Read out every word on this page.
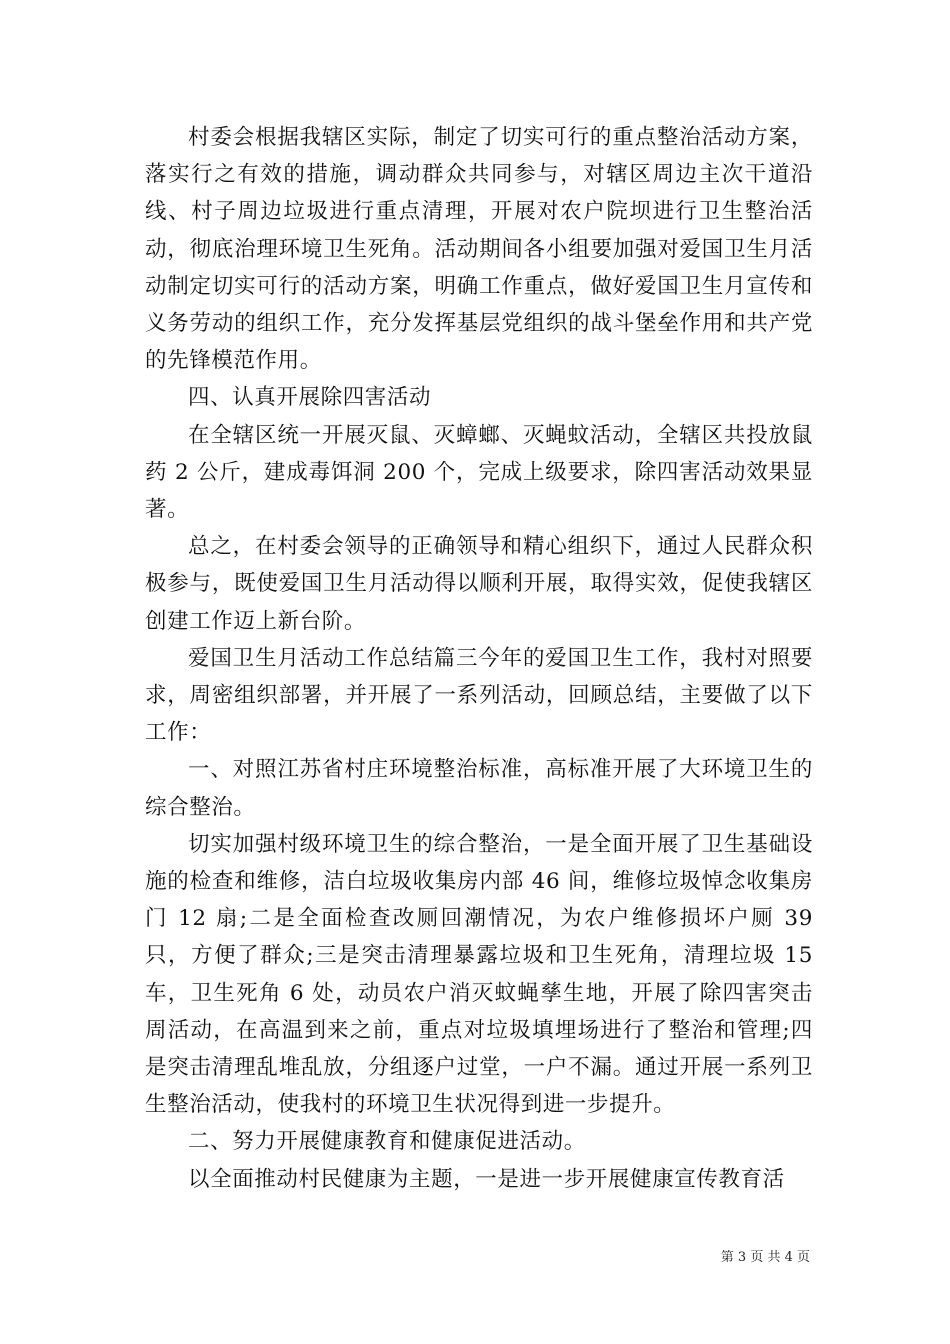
村委会根据我辖区实际，制定了切实可行的重点整治活动方案，落实行之有效的措施，调动群众共同参与，对辖区周边主次干道沿线、村子周边垃圾进行重点清理，开展对农户院坝进行卫生整治活动，彻底治理环境卫生死角。活动期间各小组要加强对爱国卫生月活动制定切实可行的活动方案，明确工作重点，做好爱国卫生月宣传和义务劳动的组织工作，充分发挥基层党组织的战斗堡垒作用和共产党的先锋模范作用。

四、认真开展除四害活动

在全辖区统一开展灭鼠、灭蟑螂、灭蝇蚊活动，全辖区共投放鼠药 2 公斤，建成毒饵洞 200 个，完成上级要求，除四害活动效果显著。

总之，在村委会领导的正确领导和精心组织下，通过人民群众积极参与，既使爱国卫生月活动得以顺利开展，取得实效，促使我辖区创建工作迈上新台阶。

爱国卫生月活动工作总结篇三今年的爱国卫生工作，我村对照要求，周密组织部署，并开展了一系列活动，回顾总结，主要做了以下工作：

一、对照江苏省村庄环境整治标准，高标准开展了大环境卫生的综合整治。

切实加强村级环境卫生的综合整治，一是全面开展了卫生基础设施的检查和维修，洁白垃圾收集房内部 46 间，维修垃圾悼念收集房门 12 扇;二是全面检查改厕回潮情况，为农户维修损坏户厕 39 只，方便了群众;三是突击清理暴露垃圾和卫生死角，清理垃圾 15 车，卫生死角 6 处，动员农户消灭蚊蝇孳生地，开展了除四害突击周活动，在高温到来之前，重点对垃圾填埋场进行了整治和管理;四是突击清理乱堆乱放，分组逐户过堂，一户不漏。通过开展一系列卫生整治活动，使我村的环境卫生状况得到进一步提升。

二、努力开展健康教育和健康促进活动。

以全面推动村民健康为主题，一是进一步开展健康宣传教育活

第 3 页 共 4 页
